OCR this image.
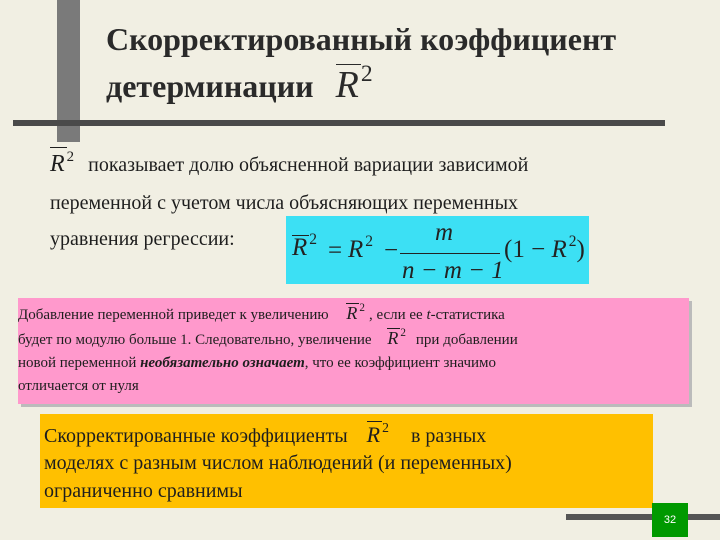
Скорректированный коэффициент
детерминации $R^2$
R $^2$ показывает долю объясненной вариации зависимой
переменной с учетом числа объясняющих переменных
уравнения регрессии:	R $^2$ = R $^2$ −
m
n − m − 1
(1 − R $^2$)
Добавление переменной приведет к увеличению R $^2$ , если ее t-статистика
будет по модулю больше 1. Следовательно, увеличение R $^2$ при добавлении
новой переменной необязательно означает, что ее коэффициент значимо
отличается от нуля
Скорректированные коэффициенты R $^2$ в разных
моделях с разным числом наблюдений (и переменных)
ограниченно сравнимы
32
